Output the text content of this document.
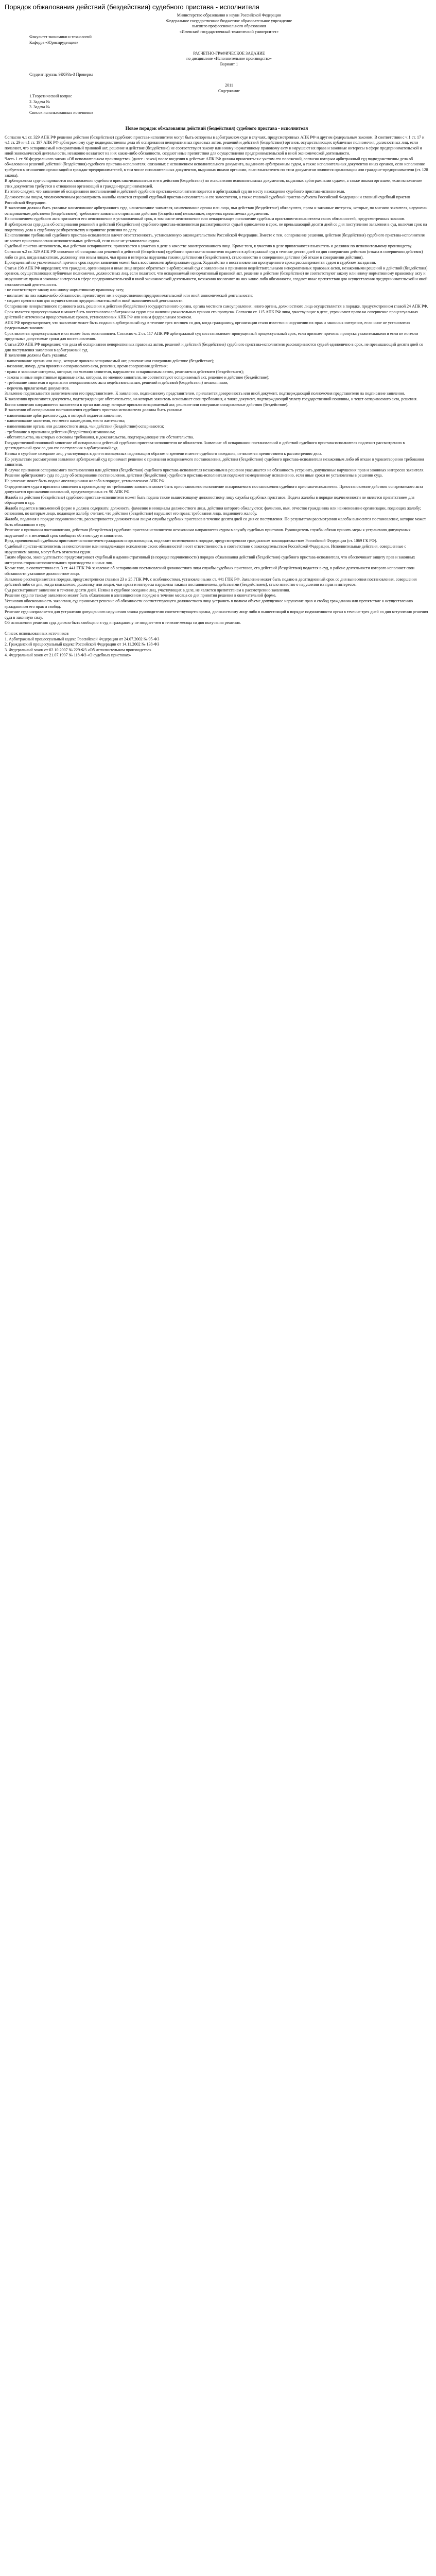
Порядок обжалования действий (бездействия) судебного пристава - исполнителя
Министерство образования и науки Российской Федерации
Федеральное государственное бюджетное образовательное учреждение
высшего профессионального образования
«Ижевский государственный технический университет»
Факультет экономики и технологий
Кафедра «Юриспруденция»
РАСЧЕТНО-ГРАФИЧЕСКОЕ ЗАДАНИЕ
по дисциплине «Исполнительное производство»
Вариант 1
Студент группы 9К0Р3а-3 Проверил
2011
Содержание
1.Теоретический вопрос
2. Задача №
3. Задача №
Список использованных источников
Новое порядок обжалования действий (бездействия) судебного пристава - исполнителя

Согласно ч.1 ст. 329 АПК РФ решения действия (бездействие) судебного пристава-исполнителя могут быть оспорены в арбитражном суде в случаях, предусмотренных АПК РФ и другим федеральным законом. В соответствии с ч.1 ст. 17 и ч.1 ст. 29 и ч.1 ст. 197 АПК РФ арбитражному суду подведомственны дела об оспаривании ненормативных правовых актов, решений и действий (бездействия) органов, осуществляющих публичные полномочия, должностных лиц, если полагают, что оспариваемый ненормативный правовой акт, решение и действие (бездействие) не соответствуют закону или иному нормативному правовому акту и нарушают их права и законные интересы в сфере предпринимательской и иной экономической деятельности, незаконно возлагают на них какие-либо обязанности, создают иные препятствия для осуществления предпринимательской и иной экономической деятельности.

Часть 1 ст. 90 федерального закона «Об исполнительном производстве» (далее - закон) после введения в действие АПК РФ должна применяться с учетом его положений, согласно которым арбитражный суд подведомственны дела об обжаловании решений действий (бездействия) судебного пристава-исполнителя, связанных с исполнением исполнительного документа, выданного арбитражным судом, а также исполнительных документов иных органов, если исполнение требуется в отношении организаций и граждан-предпринимателей, в том числе исполнительных документов, выданных иными органами, если взыскателем по этим документам являются организации или граждане-предприниматели (ст. 128 закона).

В арбитражном суде оспариваются постановления судебного пристава-исполнителя и его действия (бездействие) по исполнению исполнительных документов, выданных арбитражными судами, а также иными органами, если исполнение этих документов требуется в отношении организаций и граждан-предпринимателей.

Из этого следует, что заявление об оспаривании постановлений и действий судебного пристава-исполнителя подается в арбитражный суд по месту нахождения судебного пристава-исполнителя.

Должностным лицом, уполномоченным рассматривать жалобы является старший судебный пристав-исполнитель и его заместители, а также главный судебный пристав субъекта Российской Федерации и главный судебный пристав Российской Федерации.

В заявлении должны быть указаны: наименование арбитражного суда, наименование заявителя, наименование органа или лица, чьи действия (бездействие) обжалуются, права и законные интересы, которые, по мнению заявителя, нарушены оспариваемым действием (бездействием), требование заявителя о признании действия (бездействия) незаконным, перечень прилагаемых документов.

Неисполнением судебного акта признается его неисполнение в установленный срок, в том числе неисполнение или ненадлежащее исполнение судебным приставом-исполнителем своих обязанностей, предусмотренных законом.

В арбитражном суде дела об оспаривании решений и действий (бездействия) судебного пристава-исполнителя рассматриваются судьей единолично в срок, не превышающий десяти дней со дня поступления заявления в суд, включая срок на подготовку дела к судебному разбирательству и принятие решения по делу.

Неисполнение требований судебного пристава-исполнителя влечет ответственность, установленную законодательством Российской Федерации. Вместе с тем, оспаривание решения, действия (бездействия) судебного пристава-исполнителя не влечет приостановления исполнительных действий, если иное не установлено судом.

Судебный пристав-исполнитель, чьи действия оспариваются, привлекается к участию в деле в качестве заинтересованного лица. Кроме того, к участию в деле привлекаются взыскатель и должник по исполнительному производству.

Согласно ч.2 ст. 329 АПК РФ заявление об оспаривании решений и действий (бездействия) судебного пристава-исполнителя подается в арбитражный суд в течение десяти дней со дня совершения действия (отказа в совершении действия) либо со дня, когда взыскателю, должнику или иным лицам, чьи права и интересы нарушены такими действиями (бездействием), стало известно о совершении действия (об отказе в совершении действия).

Пропущенный по уважительной причине срок подачи заявления может быть восстановлен арбитражным судом. Ходатайство о восстановлении пропущенного срока рассматривается судом в судебном заседании.

Статья 198 АПК РФ определяет, что граждане, организации и иные лица вправе обратиться в арбитражный суд с заявлением о признании недействительными ненормативных правовых актов, незаконными решений и действий (бездействия) органов, осуществляющих публичные полномочия, должностных лиц, если полагают, что оспариваемый ненормативный правовой акт, решение и действие (бездействие) не соответствуют закону или иному нормативному правовому акту и нарушают их права и законные интересы в сфере предпринимательской и иной экономической деятельности, незаконно возлагают на них какие-либо обязанности, создают иные препятствия для осуществления предпринимательской и иной экономической деятельности.

- не соответствует закону или иному нормативному правовому акту;

- возлагает на них каким-либо обязанности, препятствует им в осуществлении предпринимательской или иной экономической деятельности;

- создает препятствия для осуществления предпринимательской и иной экономической деятельности.

Оспаривание ненормативного правового акта, решения и действия (бездействия) государственного органа, органа местного самоуправления, иного органа, должностного лица осуществляется в порядке, предусмотренном главой 24 АПК РФ.

Срок является процессуальным и может быть восстановлен арбитражным судом при наличии уважительных причин его пропуска. Согласно ст. 115 АПК РФ лица, участвующие в деле, утрачивают право на совершение процессуальных действий с истечением процессуальных сроков, установленных АПК РФ или иным федеральным законом.

АПК РФ предусматривает, что заявление может быть подано в арбитражный суд в течение трех месяцев со дня, когда гражданину, организации стало известно о нарушении их прав и законных интересов, если иное не установлено федеральным законом.

Срок является процессуальным и он может быть восстановлен. Согласно ч. 2 ст. 117 АПК РФ арбитражный суд восстанавливает пропущенный процессуальный срок, если признает причины пропуска уважительными и если не истекли предельные допустимые сроки для восстановления.

Статья 200 АПК РФ определяет, что дела об оспаривании ненормативных правовых актов, решений и действий (бездействия) судебного пристава-исполнителя рассматриваются судьей единолично в срок, не превышающий десяти дней со дня поступления заявления в арбитражный суд.

В заявлении должны быть указаны:

- наименование органа или лица, которые приняли оспариваемый акт, решение или совершили действие (бездействие);

- название, номер, дата принятия оспариваемого акта, решения, время совершения действия;

- права и законные интересы, которые, по мнению заявителя, нарушаются оспариваемым актом, решением и действием (бездействием);

- законы и иные нормативные правовые акты, которым, по мнению заявителя, не соответствуют оспариваемый акт, решение и действие (бездействие);

- требование заявителя о признании ненормативного акта недействительным, решений и действий (бездействия) незаконными;

- перечень прилагаемых документов.

Заявление подписывается заявителем или его представителем. К заявлению, подписанному представителем, прилагается доверенность или иной документ, подтверждающий полномочия представителя на подписание заявления.

К заявлению прилагаются документы, подтверждающие обстоятельства, на которых заявитель основывает свои требования, а также документ, подтверждающий уплату государственной пошлины, и текст оспариваемого акта, решения.

Копия заявления направляется заявителем в орган или лицу, которые приняли оспариваемый акт, решение или совершили оспариваемые действия (бездействие).

В заявлении об оспаривании постановления судебного пристава-исполнителя должны быть указаны:

- наименование арбитражного суда, в который подается заявление;

- наименование заявителя, его место нахождения, место жительства;

- наименование органа или должностного лица, чьи действия (бездействие) оспариваются;

- требование о признании действия (бездействия) незаконным;

- обстоятельства, на которых основаны требования, и доказательства, подтверждающие эти обстоятельства.

Государственной пошлиной заявление об оспаривании действий судебного пристава-исполнителя не облагается. Заявление об оспаривании постановлений и действий судебного пристава-исполнителя подлежит рассмотрению в десятидневный срок со дня его поступления в арбитражный суд.

Неявка в судебное заседание лиц, участвующих в деле и извещенных надлежащим образом о времени и месте судебного заседания, не является препятствием к рассмотрению дела.

По результатам рассмотрения заявления арбитражный суд принимает решение о признании оспариваемого постановления, действия (бездействия) судебного пристава-исполнителя незаконным либо об отказе в удовлетворении требования заявителя.

В случае признания оспариваемого постановления или действия (бездействия) судебного пристава-исполнителя незаконным в решении указывается на обязанность устранить допущенные нарушения прав и законных интересов заявителя.

Решение арбитражного суда по делу об оспаривании постановления, действия (бездействия) судебного пристава-исполнителя подлежит немедленному исполнению, если иные сроки не установлены в решении суда.

На решение может быть подана апелляционная жалоба в порядке, установленном АПК РФ.

Определением суда о принятии заявления к производству по требованию заявителя может быть приостановлено исполнение оспариваемого постановления судебного пристава-исполнителя. Приостановление действия оспариваемого акта допускается при наличии оснований, предусмотренных ст. 90 АПК РФ.

Жалоба на действия (бездействие) судебного пристава-исполнителя может быть подана также вышестоящему должностному лицу службы судебных приставов. Подача жалобы в порядке подчиненности не является препятствием для обращения в суд.

Жалоба подается в письменной форме и должна содержать: должность, фамилию и инициалы должностного лица, действия которого обжалуются; фамилию, имя, отчество гражданина или наименование организации, подающих жалобу; основания, по которым лицо, подающее жалобу, считает, что действия (бездействие) нарушают его права; требования лица, подающего жалобу.

Жалоба, поданная в порядке подчиненности, рассматривается должностным лицом службы судебных приставов в течение десяти дней со дня ее поступления. По результатам рассмотрения жалобы выносится постановление, которое может быть обжаловано в суд.

Решение о признании постановления, действия (бездействия) судебного пристава-исполнителя незаконным направляется судом в службу судебных приставов. Руководитель службы обязан принять меры к устранению допущенных нарушений и в месячный срок сообщить об этом суду и заявителю.

Вред, причиненный судебным приставом-исполнителем гражданам и организациям, подлежит возмещению в порядке, предусмотренном гражданским законодательством Российской Федерации (ст. 1069 ГК РФ).

Судебный пристав-исполнитель за неисполнение или ненадлежащее исполнение своих обязанностей несет ответственность в соответствии с законодательством Российской Федерации. Исполнительные действия, совершенные с нарушением закона, могут быть отменены судом.

Таким образом, законодательство предусматривает судебный и административный (в порядке подчиненности) порядок обжалования действий (бездействия) судебного пристава-исполнителя, что обеспечивает защиту прав и законных интересов сторон исполнительного производства и иных лиц.

Кроме того, в соответствии с п. 3 ст. 441 ГПК РФ заявление об оспаривании постановлений должностного лица службы судебных приставов, его действий (бездействия) подается в суд, в районе деятельности которого исполняет свои обязанности указанное должностное лицо.

Заявление рассматривается в порядке, предусмотренном главами 23 и 25 ГПК РФ, с особенностями, установленными ст. 441 ГПК РФ. Заявление может быть подано в десятидневный срок со дня вынесения постановления, совершения действий либо со дня, когда взыскателю, должнику или лицам, чьи права и интересы нарушены такими постановлением, действиями (бездействием), стало известно о нарушении их прав и интересов.

Суд рассматривает заявление в течение десяти дней. Неявка в судебное заседание лиц, участвующих в деле, не является препятствием к рассмотрению заявления.

Решение суда по такому заявлению может быть обжаловано в апелляционном порядке в течение месяца со дня принятия решения в окончательной форме.

Установив обоснованность заявления, суд принимает решение об обязанности соответствующего должностного лица устранить в полном объеме допущенное нарушение прав и свобод гражданина или препятствие к осуществлению гражданином его прав и свобод.

Решение суда направляется для устранения допущенного нарушения закона руководителю соответствующего органа, должностному лицу либо в вышестоящий в порядке подчиненности орган в течение трех дней со дня вступления решения суда в законную силу.

Об исполнении решения суда должно быть сообщено в суд и гражданину не позднее чем в течение месяца со дня получения решения.

Список использованных источников
1. Арбитражный процессуальный кодекс Российской Федерации от 24.07.2002 № 95-ФЗ
2. Гражданский процессуальный кодекс Российской Федерации от 14.11.2002 № 138-ФЗ
3. Федеральный закон от 02.10.2007 № 229-ФЗ «Об исполнительном производстве»
4. Федеральный закон от 21.07.1997 № 118-ФЗ «О судебных приставах»
